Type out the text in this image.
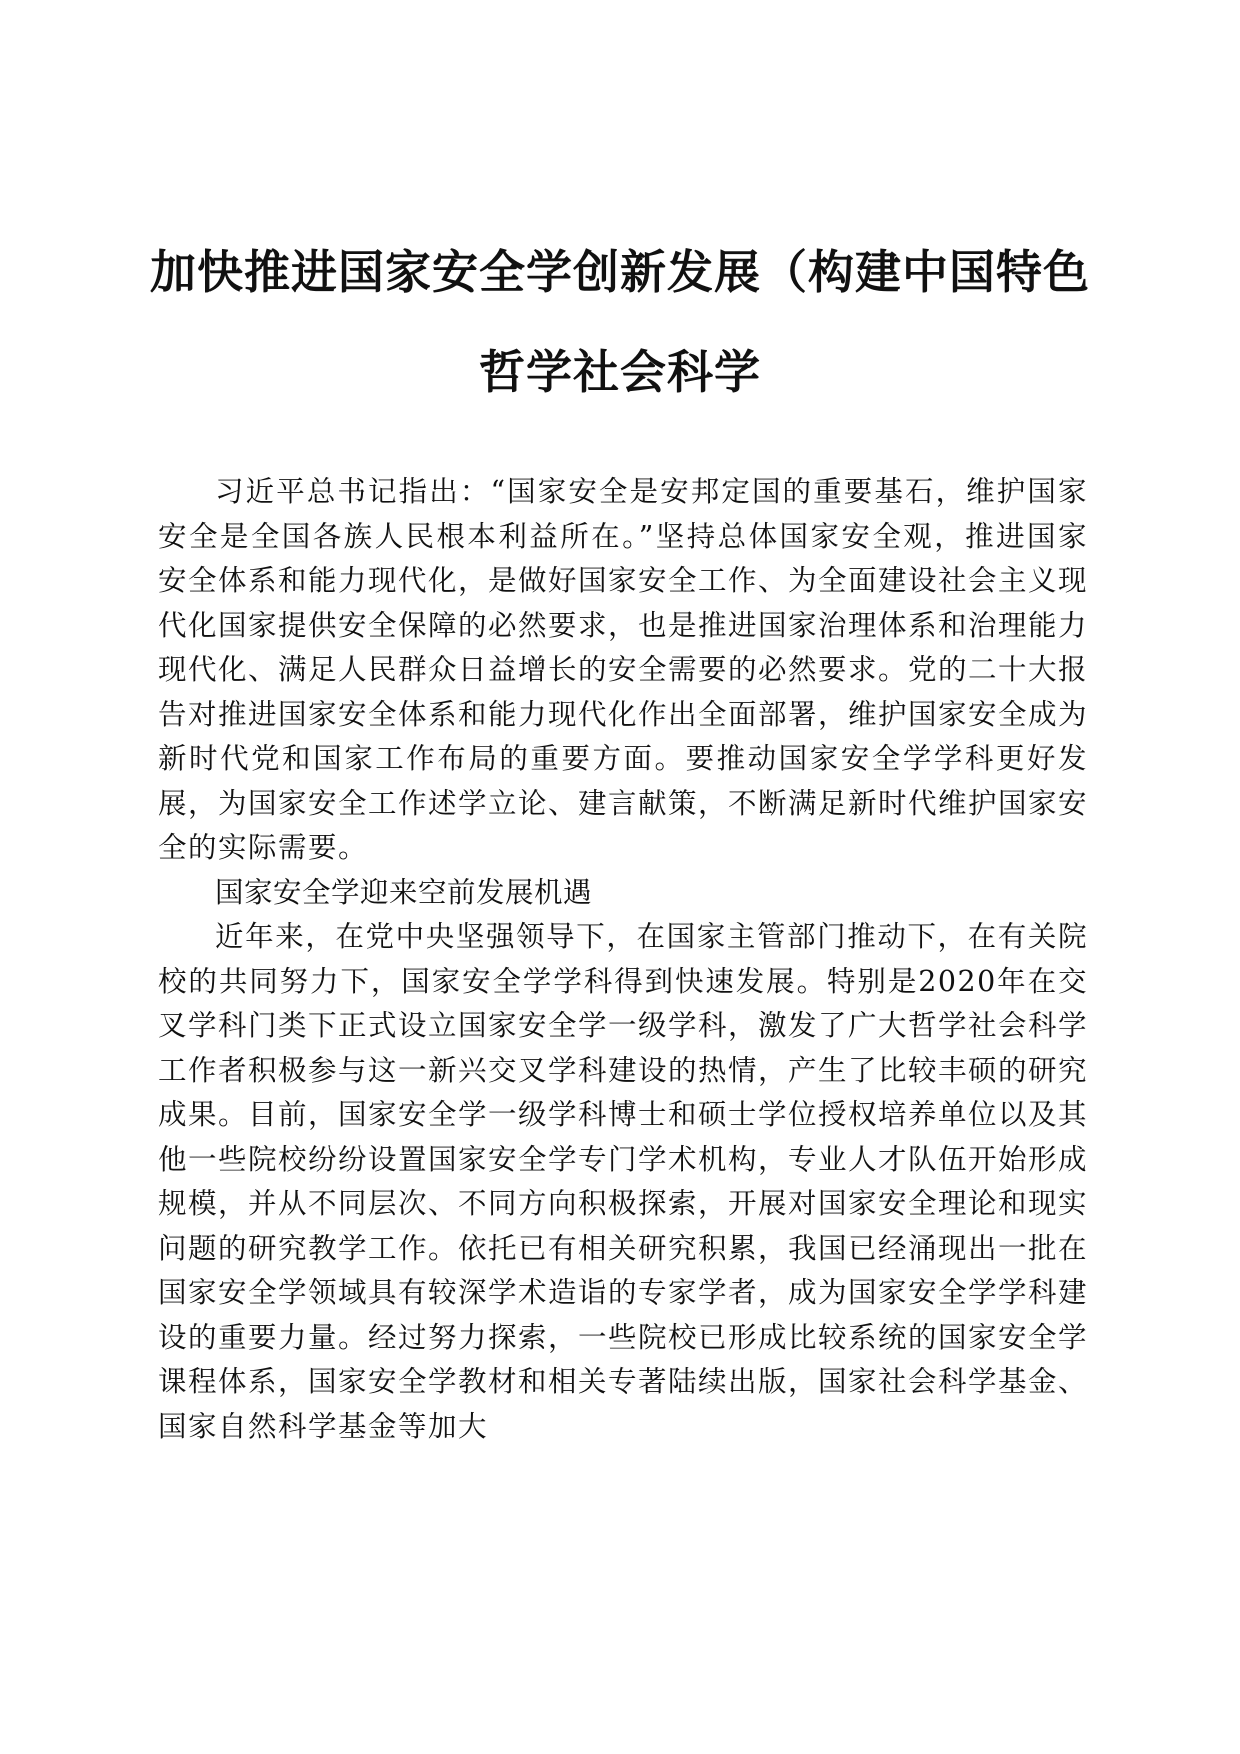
加快推进国家安全学创新发展（构建中国特色
哲学社会科学

习近平总书记指出：“国家安全是安邦定国的重要基石，维护国家安全是全国各族人民根本利益所在。”坚持总体国家安全观，推进国家安全体系和能力现代化，是做好国家安全工作、为全面建设社会主义现代化国家提供安全保障的必然要求，也是推进国家治理体系和治理能力现代化、满足人民群众日益增长的安全需要的必然要求。党的二十大报告对推进国家安全体系和能力现代化作出全面部署，维护国家安全成为新时代党和国家工作布局的重要方面。要推动国家安全学学科更好发展，为国家安全工作述学立论、建言献策，不断满足新时代维护国家安全的实际需要。

国家安全学迎来空前发展机遇

近年来，在党中央坚强领导下，在国家主管部门推动下，在有关院校的共同努力下，国家安全学学科得到快速发展。特别是2020年在交叉学科门类下正式设立国家安全学一级学科，激发了广大哲学社会科学工作者积极参与这一新兴交叉学科建设的热情，产生了比较丰硕的研究成果。目前，国家安全学一级学科博士和硕士学位授权培养单位以及其他一些院校纷纷设置国家安全学专门学术机构，专业人才队伍开始形成规模，并从不同层次、不同方向积极探索，开展对国家安全理论和现实问题的研究教学工作。依托已有相关研究积累，我国已经涌现出一批在国家安全学领域具有较深学术造诣的专家学者，成为国家安全学学科建设的重要力量。经过努力探索，一些院校已形成比较系统的国家安全学课程体系，国家安全学教材和相关专著陆续出版，国家社会科学基金、国家自然科学基金等加大
